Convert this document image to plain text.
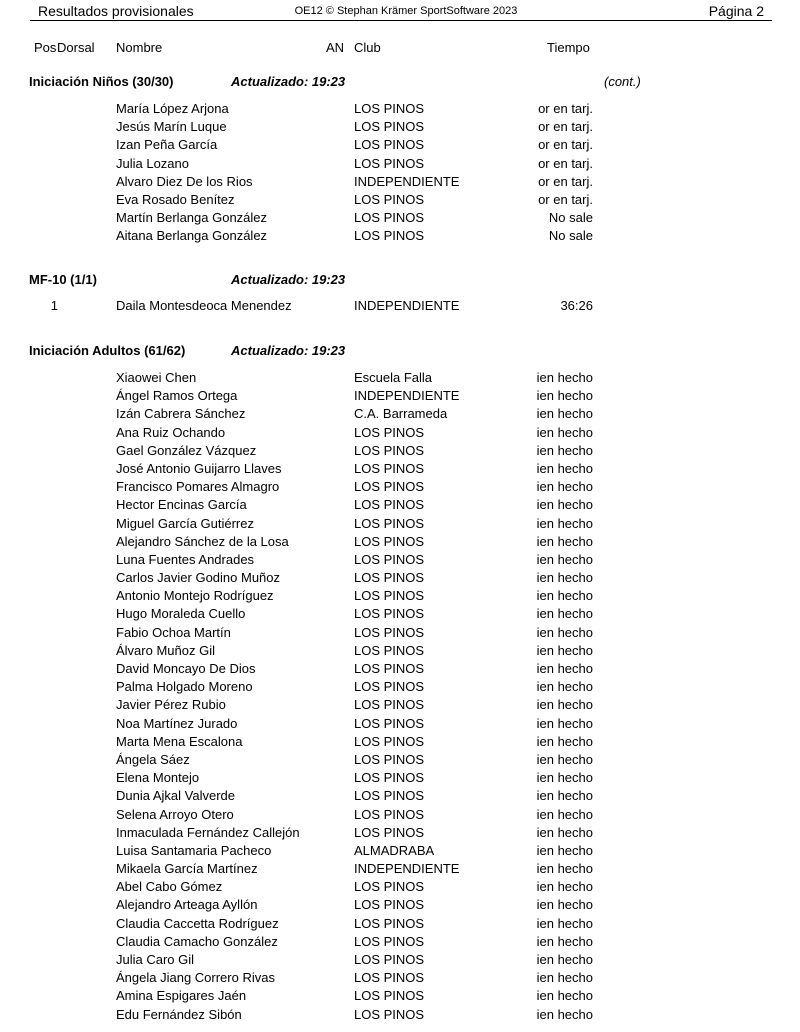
Resultados provisionales	OE12 © Stephan Krämer SportSoftware 2023	Página 2
Pos Dorsal	Nombre	AN Club	Tiempo
Iniciación Niños (30/30)	Actualizado: 19:23	(cont.)
María López Arjona	LOS PINOS	or en tarj.
Jesús Marín Luque	LOS PINOS	or en tarj.
Izan Peña García	LOS PINOS	or en tarj.
Julia Lozano	LOS PINOS	or en tarj.
Alvaro Diez De los Rios	INDEPENDIENTE	or en tarj.
Eva Rosado Benítez	LOS PINOS	or en tarj.
Martín Berlanga González	LOS PINOS	No sale
Aitana Berlanga González	LOS PINOS	No sale
MF-10 (1/1)	Actualizado: 19:23
1	Daila Montesdeoca Menendez	INDEPENDIENTE	36:26
Iniciación Adultos (61/62)	Actualizado: 19:23
Xiaowei Chen	Escuela Falla	ien hecho
Ángel Ramos Ortega	INDEPENDIENTE	ien hecho
Izán Cabrera Sánchez	C.A. Barrameda	ien hecho
Ana Ruiz Ochando	LOS PINOS	ien hecho
Gael González Vázquez	LOS PINOS	ien hecho
José Antonio Guijarro Llaves	LOS PINOS	ien hecho
Francisco Pomares Almagro	LOS PINOS	ien hecho
Hector Encinas García	LOS PINOS	ien hecho
Miguel García Gutiérrez	LOS PINOS	ien hecho
Alejandro Sánchez de la Losa	LOS PINOS	ien hecho
Luna Fuentes Andrades	LOS PINOS	ien hecho
Carlos Javier Godino Muñoz	LOS PINOS	ien hecho
Antonio Montejo Rodríguez	LOS PINOS	ien hecho
Hugo Moraleda Cuello	LOS PINOS	ien hecho
Fabio Ochoa Martín	LOS PINOS	ien hecho
Álvaro Muñoz Gil	LOS PINOS	ien hecho
David Moncayo De Dios	LOS PINOS	ien hecho
Palma Holgado Moreno	LOS PINOS	ien hecho
Javier Pérez Rubio	LOS PINOS	ien hecho
Noa Martínez Jurado	LOS PINOS	ien hecho
Marta Mena Escalona	LOS PINOS	ien hecho
Ángela Sáez	LOS PINOS	ien hecho
Elena Montejo	LOS PINOS	ien hecho
Dunia Ajkal Valverde	LOS PINOS	ien hecho
Selena Arroyo Otero	LOS PINOS	ien hecho
Inmaculada Fernández Callejón	LOS PINOS	ien hecho
Luisa Santamaria Pacheco	ALMADRABA	ien hecho
Mikaela García Martínez	INDEPENDIENTE	ien hecho
Abel Cabo Gómez	LOS PINOS	ien hecho
Alejandro Arteaga Ayllón	LOS PINOS	ien hecho
Claudia Caccetta Rodríguez	LOS PINOS	ien hecho
Claudia Camacho González	LOS PINOS	ien hecho
Julia Caro Gil	LOS PINOS	ien hecho
Ángela Jiang Correro Rivas	LOS PINOS	ien hecho
Amina Espigares Jaén	LOS PINOS	ien hecho
Edu Fernández Sibón	LOS PINOS	ien hecho
